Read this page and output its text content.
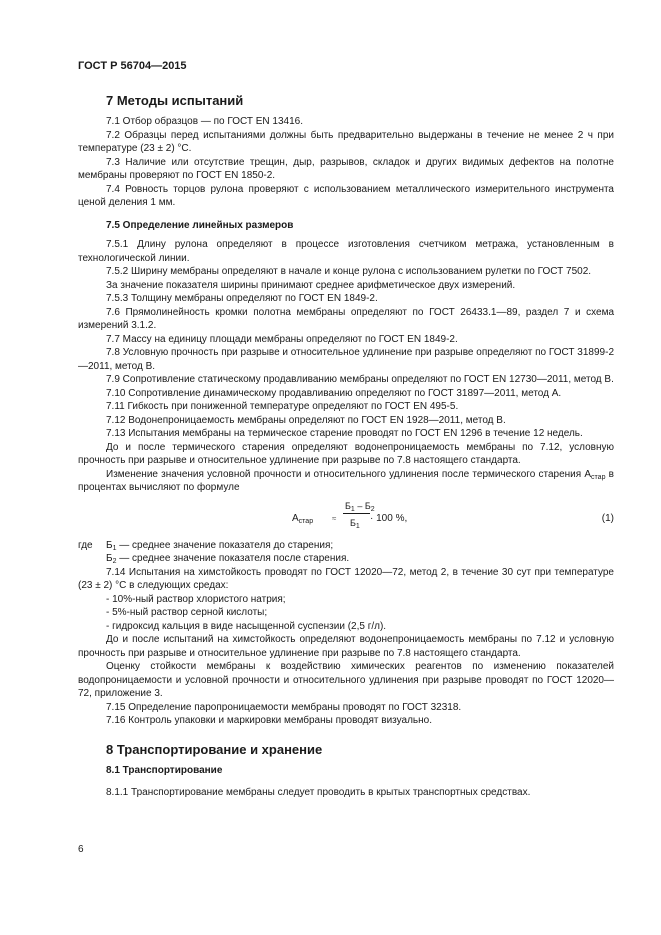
ГОСТ Р 56704—2015
7 Методы испытаний

7.1 Отбор образцов — по ГОСТ EN 13416.

7.2 Образцы перед испытаниями должны быть предварительно выдержаны в течение не менее 2 ч при температуре (23 ± 2) °С.

7.3 Наличие или отсутствие трещин, дыр, разрывов, складок и других видимых дефектов на полотне мембраны проверяют по ГОСТ EN 1850-2.

7.4 Ровность торцов рулона проверяют с использованием металлического измерительного инструмента ценой деления 1 мм.

7.5 Определение линейных размеров

7.5.1 Длину рулона определяют в процессе изготовления счетчиком метража, установленным в технологической линии.

7.5.2 Ширину мембраны определяют в начале и конце рулона с использованием рулетки по ГОСТ 7502.

За значение показателя ширины принимают среднее арифметическое двух измерений.

7.5.3 Толщину мембраны определяют по ГОСТ EN 1849-2.

7.6 Прямолинейность кромки полотна мембраны определяют по ГОСТ 26433.1—89, раздел 7 и схема измерений 3.1.2.

7.7 Массу на единицу площади мембраны определяют по ГОСТ EN 1849-2.

7.8 Условную прочность при разрыве и относительное удлинение при разрыве определяют по ГОСТ 31899-2—2011, метод В.

7.9 Сопротивление статическому продавливанию мембраны определяют по ГОСТ EN 12730—2011, метод В.

7.10 Сопротивление динамическому продавливанию определяют по ГОСТ 31897—2011, метод А.

7.11 Гибкость при пониженной температуре определяют по ГОСТ EN 495-5.

7.12 Водонепроницаемость мембраны определяют по ГОСТ EN 1928—2011, метод В.

7.13 Испытания мембраны на термическое старение проводят по ГОСТ EN 1296 в течение 12 недель.

До и после термического старения определяют водонепроницаемость мембраны по 7.12, условную прочность при разрыве и относительное удлинение при разрыве по 7.8 настоящего стандарта.

Изменение значения условной прочности и относительного удлинения после термического старения $А_{стар}$ в процентах вычисляют по формуле

$А_{стар}$ ≈
$Б_1 - Б_2$
$Б_1$
· 100 %,	(1)
где	$Б_1$ — среднее значение показателя до старения;
$Б_2$ — среднее значение показателя после старения.

7.14 Испытания на химстойкость проводят по ГОСТ 12020—72, метод 2, в течение 30 сут при температуре (23 ± 2) °С в следующих средах:

- 10%-ный раствор хлористого натрия;

- 5%-ный раствор серной кислоты;

- гидроксид кальция в виде насыщенной суспензии (2,5 г/л).

До и после испытаний на химстойкость определяют водонепроницаемость мембраны по 7.12 и условную прочность при разрыве и относительное удлинение при разрыве по 7.8 настоящего стандарта.

Оценку стойкости мембраны к воздействию химических реагентов по изменению показателей водопроницаемости и условной прочности и относительного удлинения при разрыве проводят по ГОСТ 12020—72, приложение 3.

7.15 Определение паропроницаемости мембраны проводят по ГОСТ 32318.

7.16 Контроль упаковки и маркировки мембраны проводят визуально.

8 Транспортирование и хранение
8.1 Транспортирование

8.1.1 Транспортирование мембраны следует проводить в крытых транспортных средствах.

6
